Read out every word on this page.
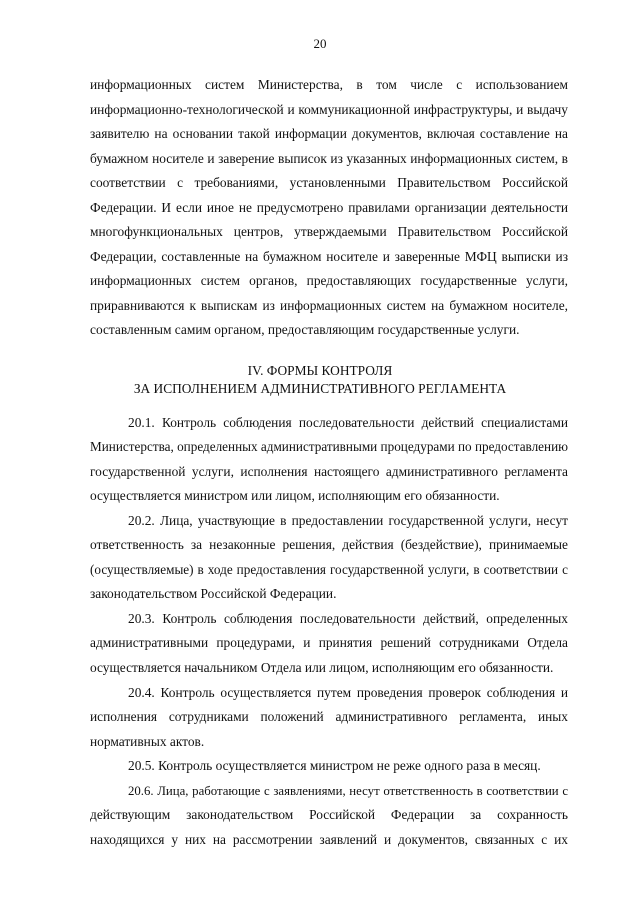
20
информационных систем Министерства, в том числе с использованием
информационно-технологической и коммуникационной инфраструктуры, и выдачу
заявителю на основании такой информации документов, включая составление на
бумажном носителе и заверение выписок из указанных информационных систем, в
соответствии с требованиями, установленными Правительством Российской
Федерации. И если иное не предусмотрено правилами организации деятельности
многофункциональных центров, утверждаемыми Правительством Российской
Федерации, составленные на бумажном носителе и заверенные МФЦ выписки из
информационных систем органов, предоставляющих государственные услуги,
приравниваются к выпискам из информационных систем на бумажном носителе,
составленным самим органом, предоставляющим государственные услуги.
IV. ФОРМЫ КОНТРОЛЯ
ЗА ИСПОЛНЕНИЕМ АДМИНИСТРАТИВНОГО РЕГЛАМЕНТА
20.1. Контроль соблюдения последовательности действий специалистами
Министерства, определенных административными процедурами по предоставлению
государственной услуги, исполнения настоящего административного регламента
осуществляется министром или лицом, исполняющим его обязанности.
20.2. Лица, участвующие в предоставлении государственной услуги, несут
ответственность за незаконные решения, действия (бездействие), принимаемые
(осуществляемые) в ходе предоставления государственной услуги, в соответствии с
законодательством Российской Федерации.
20.3. Контроль соблюдения последовательности действий, определенных
административными процедурами, и принятия решений сотрудниками Отдела
осуществляется начальником Отдела или лицом, исполняющим его обязанности.
20.4. Контроль осуществляется путем проведения проверок соблюдения и
исполнения сотрудниками положений административного регламента, иных
нормативных актов.
20.5. Контроль осуществляется министром не реже одного раза в месяц.
20.6. Лица, работающие с заявлениями, несут ответственность в соответствии с
действующим законодательством Российской Федерации за сохранность
находящихся у них на рассмотрении заявлений и документов, связанных с их
